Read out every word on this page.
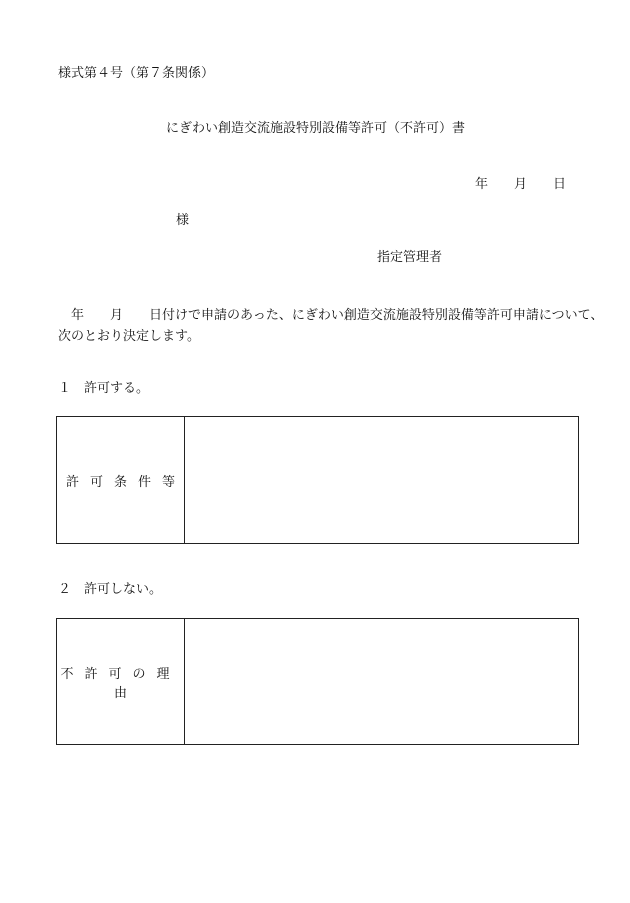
様式第４号（第７条関係）
にぎわい創造交流施設特別設備等許可（不許可）書
年 月 日
様
指定管理者
年 月 日付けで申請のあった、にぎわい創造交流施設特別設備等許可申請について、
次のとおり決定します。
１ 許可する。
許可条件等	
２ 許可しない。
不許可の理由	
